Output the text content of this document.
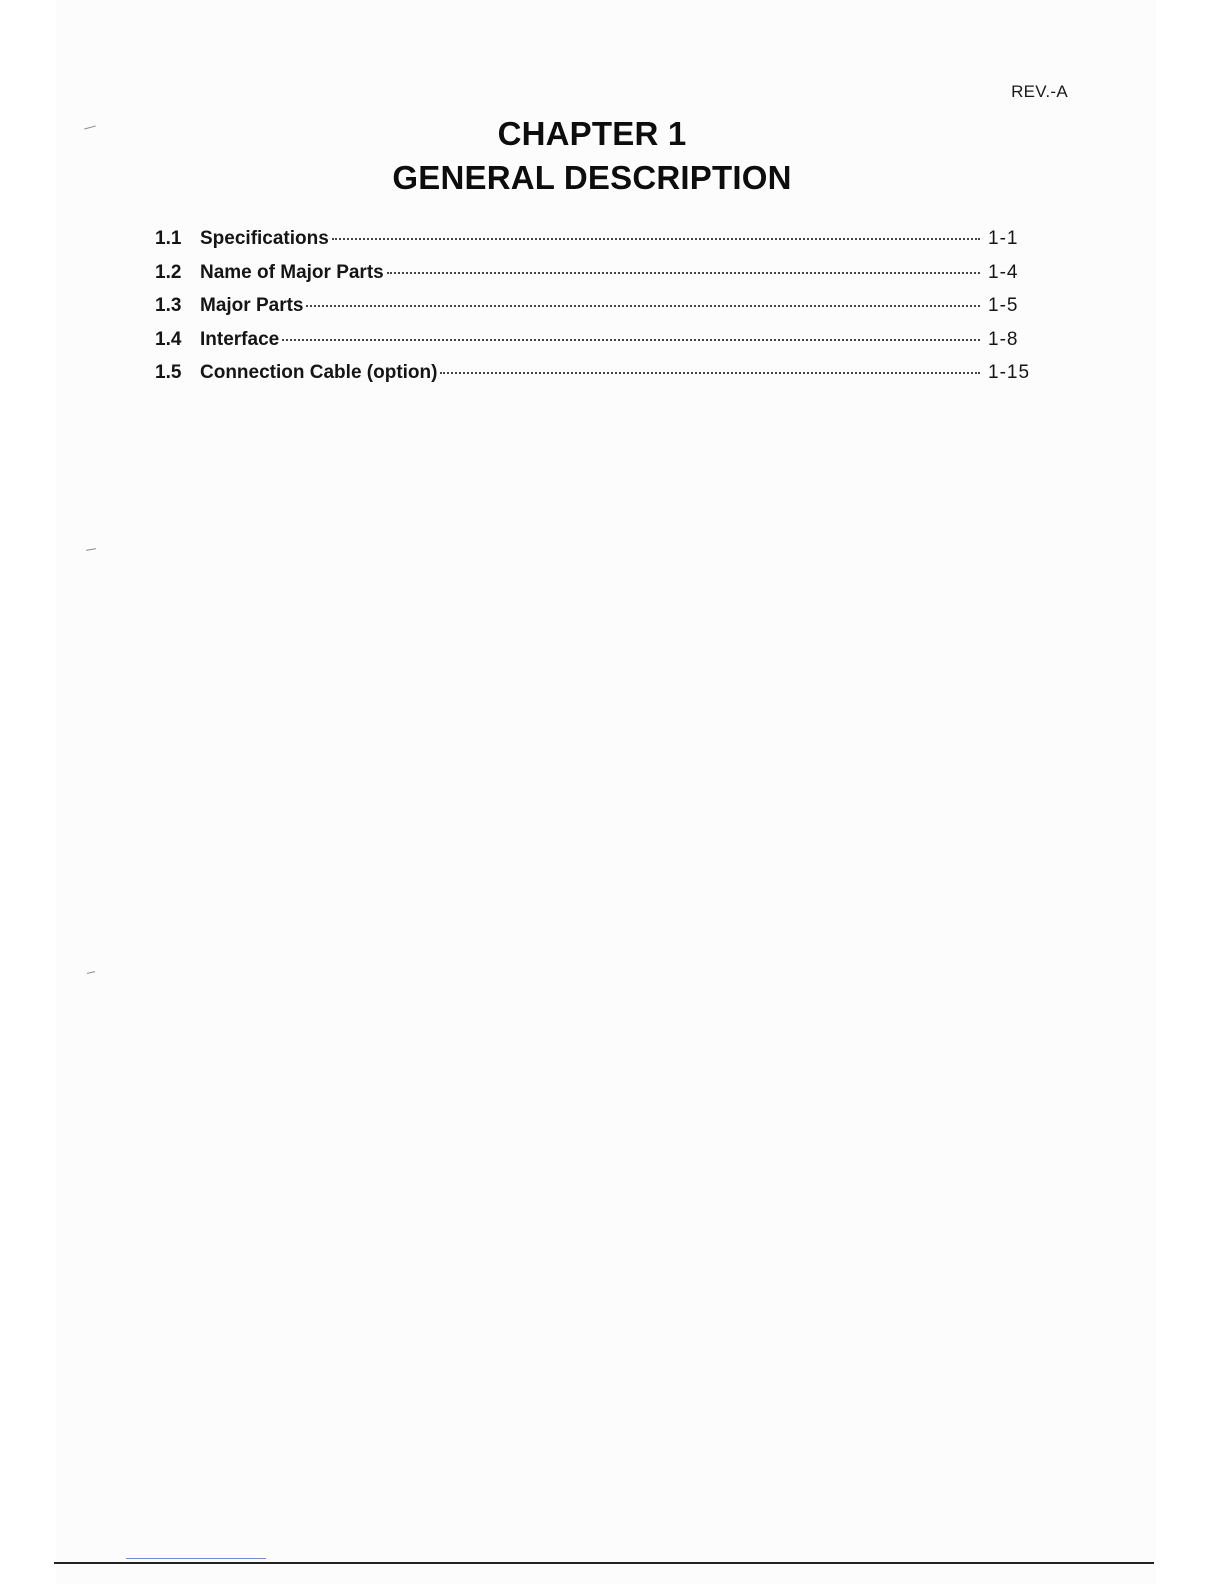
REV.-A
CHAPTER 1
GENERAL DESCRIPTION
1.1 Specifications	1-1
1.2 Name of Major Parts	1-4
1.3 Major Parts	1-5
1.4 Interface	1-8
1.5 Connection Cable (option)	1-15
